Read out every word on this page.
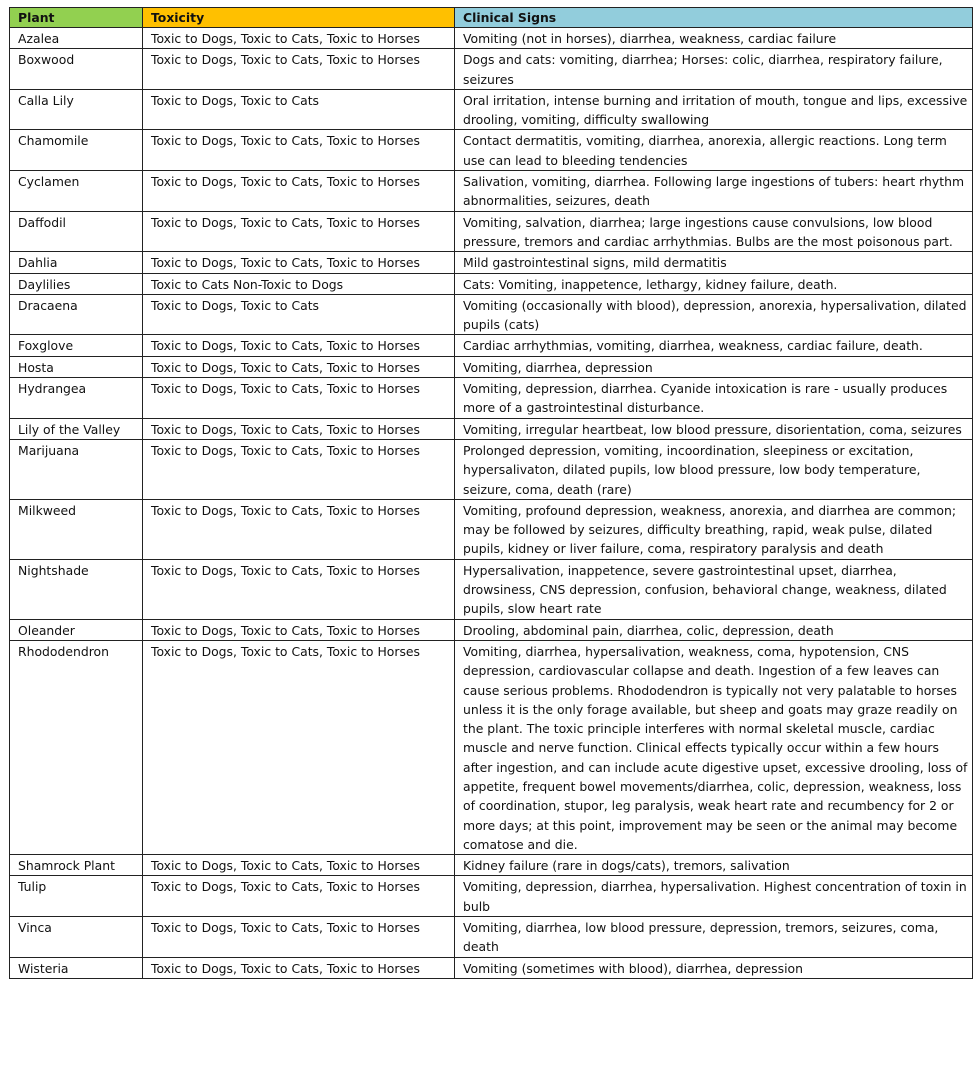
Plant	Toxicity	Clinical Signs
Azalea	Toxic to Dogs, Toxic to Cats, Toxic to Horses	Vomiting (not in horses), diarrhea, weakness, cardiac failure
Boxwood	Toxic to Dogs, Toxic to Cats, Toxic to Horses	Dogs and cats: vomiting, diarrhea; Horses: colic, diarrhea, respiratory failure, seizures
Calla Lily	Toxic to Dogs, Toxic to Cats	Oral irritation, intense burning and irritation of mouth, tongue and lips, excessive drooling, vomiting, difficulty swallowing
Chamomile	Toxic to Dogs, Toxic to Cats, Toxic to Horses	Contact dermatitis, vomiting, diarrhea, anorexia, allergic reactions. Long term use can lead to bleeding tendencies
Cyclamen	Toxic to Dogs, Toxic to Cats, Toxic to Horses	Salivation, vomiting, diarrhea. Following large ingestions of tubers: heart rhythm abnormalities, seizures, death
Daffodil	Toxic to Dogs, Toxic to Cats, Toxic to Horses	Vomiting, salvation, diarrhea; large ingestions cause convulsions, low blood pressure, tremors and cardiac arrhythmias. Bulbs are the most poisonous part.
Dahlia	Toxic to Dogs, Toxic to Cats, Toxic to Horses	Mild gastrointestinal signs, mild dermatitis
Daylilies	Toxic to Cats Non-Toxic to Dogs	Cats: Vomiting, inappetence, lethargy, kidney failure, death.
Dracaena	Toxic to Dogs, Toxic to Cats	Vomiting (occasionally with blood), depression, anorexia, hypersalivation, dilated pupils (cats)
Foxglove	Toxic to Dogs, Toxic to Cats, Toxic to Horses	Cardiac arrhythmias, vomiting, diarrhea, weakness, cardiac failure, death.
Hosta	Toxic to Dogs, Toxic to Cats, Toxic to Horses	Vomiting, diarrhea, depression
Hydrangea	Toxic to Dogs, Toxic to Cats, Toxic to Horses	Vomiting, depression, diarrhea. Cyanide intoxication is rare - usually produces more of a gastrointestinal disturbance.
Lily of the Valley	Toxic to Dogs, Toxic to Cats, Toxic to Horses	Vomiting, irregular heartbeat, low blood pressure, disorientation, coma, seizures
Marijuana	Toxic to Dogs, Toxic to Cats, Toxic to Horses	Prolonged depression, vomiting, incoordination, sleepiness or excitation, hypersalivaton, dilated pupils, low blood pressure, low body temperature, seizure, coma, death (rare)
Milkweed	Toxic to Dogs, Toxic to Cats, Toxic to Horses	Vomiting, profound depression, weakness, anorexia, and diarrhea are common; may be followed by seizures, difficulty breathing, rapid, weak pulse, dilated pupils, kidney or liver failure, coma, respiratory paralysis and death
Nightshade	Toxic to Dogs, Toxic to Cats, Toxic to Horses	Hypersalivation, inappetence, severe gastrointestinal upset, diarrhea, drowsiness, CNS depression, confusion, behavioral change, weakness, dilated pupils, slow heart rate
Oleander	Toxic to Dogs, Toxic to Cats, Toxic to Horses	Drooling, abdominal pain, diarrhea, colic, depression, death
Rhododendron	Toxic to Dogs, Toxic to Cats, Toxic to Horses	Vomiting, diarrhea, hypersalivation, weakness, coma, hypotension, CNS depression, cardiovascular collapse and death. Ingestion of a few leaves can cause serious problems. Rhododendron is typically not very palatable to horses unless it is the only forage available, but sheep and goats may graze readily on the plant. The toxic principle interferes with normal skeletal muscle, cardiac muscle and nerve function. Clinical effects typically occur within a few hours after ingestion, and can include acute digestive upset, excessive drooling, loss of appetite, frequent bowel movements/diarrhea, colic, depression, weakness, loss of coordination, stupor, leg paralysis, weak heart rate and recumbency for 2 or more days; at this point, improvement may be seen or the animal may become comatose and die.
Shamrock Plant	Toxic to Dogs, Toxic to Cats, Toxic to Horses	Kidney failure (rare in dogs/cats), tremors, salivation
Tulip	Toxic to Dogs, Toxic to Cats, Toxic to Horses	Vomiting, depression, diarrhea, hypersalivation. Highest concentration of toxin in bulb
Vinca	Toxic to Dogs, Toxic to Cats, Toxic to Horses	Vomiting, diarrhea, low blood pressure, depression, tremors, seizures, coma, death
Wisteria	Toxic to Dogs, Toxic to Cats, Toxic to Horses	Vomiting (sometimes with blood), diarrhea, depression
